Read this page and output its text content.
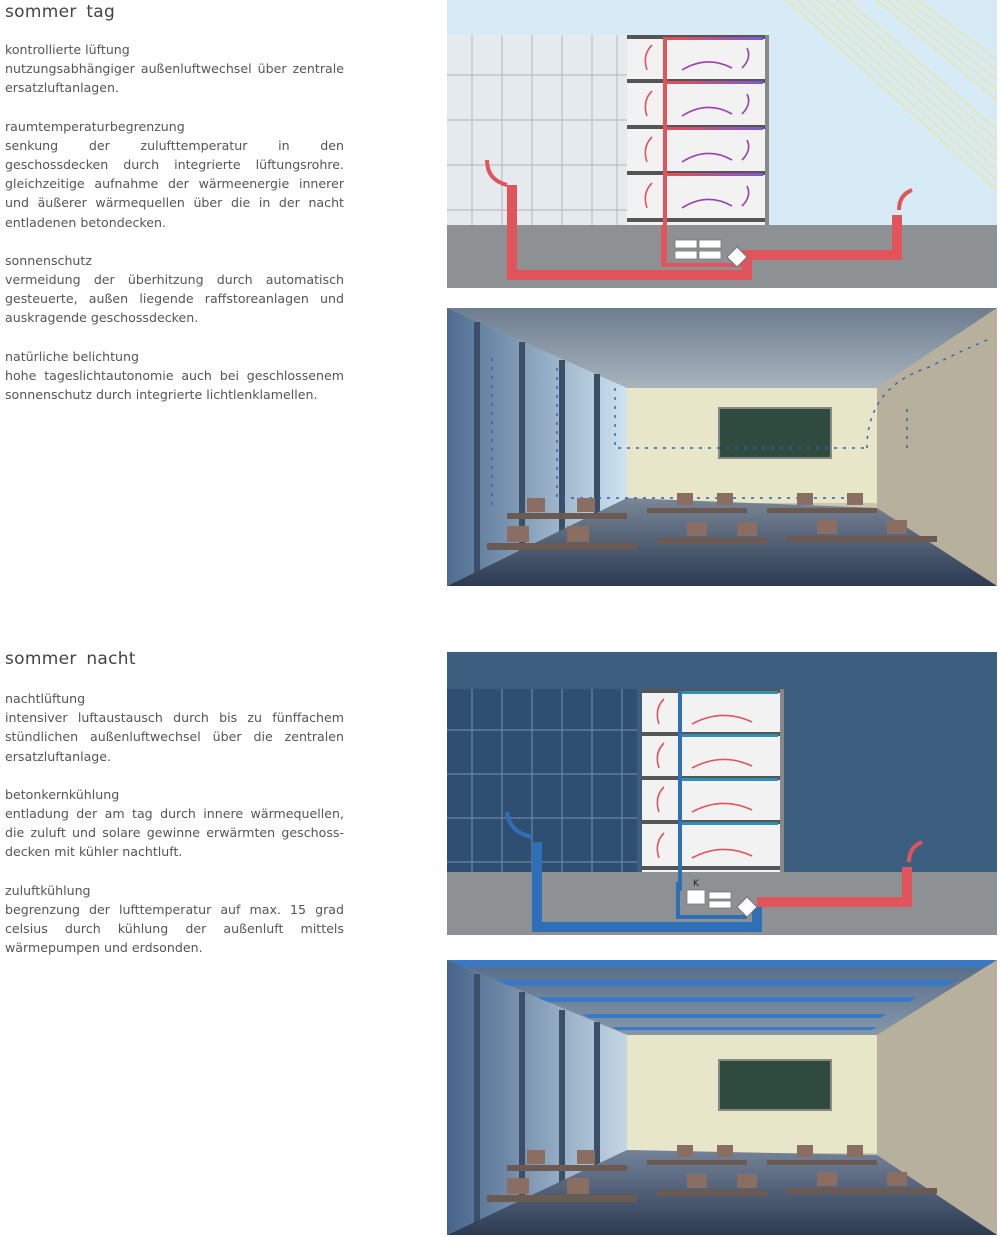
sommer tag
kontrollierte lüftung
nutzungsabhängiger außenluftwechsel über zentrale ersatzluftanlagen.
raumtemperaturbegrenzung
senkung der zulufttemperatur in den geschossdecken durch integrierte lüftungsrohre. gleichzeitige aufnahme der wärmeenergie innerer und äußerer wärmequellen über die in der nacht entladenen betondecken.
sonnenschutz
vermeidung der überhitzung durch automatisch gesteuerte, außen liegende raffstoreanlagen und auskragende geschossdecken.
natürliche belichtung
hohe tageslichtautonomie auch bei geschlossenem sonnenschutz durch integrierte lichtlenklamellen.
sommer nacht
nachtlüftung
intensiver luftaustausch durch bis zu fünffachem stündlichen außenluftwechsel über die zentralen ersatzluftanlage.
betonkernkühlung
entladung der am tag durch innere wärmequellen, die zuluft und solare gewinne erwärmten geschoss-decken mit kühler nachtluft.
zuluftkühlung
begrenzung der lufttemperatur auf max. 15 grad celsius durch kühlung der außenluft mittels wärmepumpen und erdsonden.
K
